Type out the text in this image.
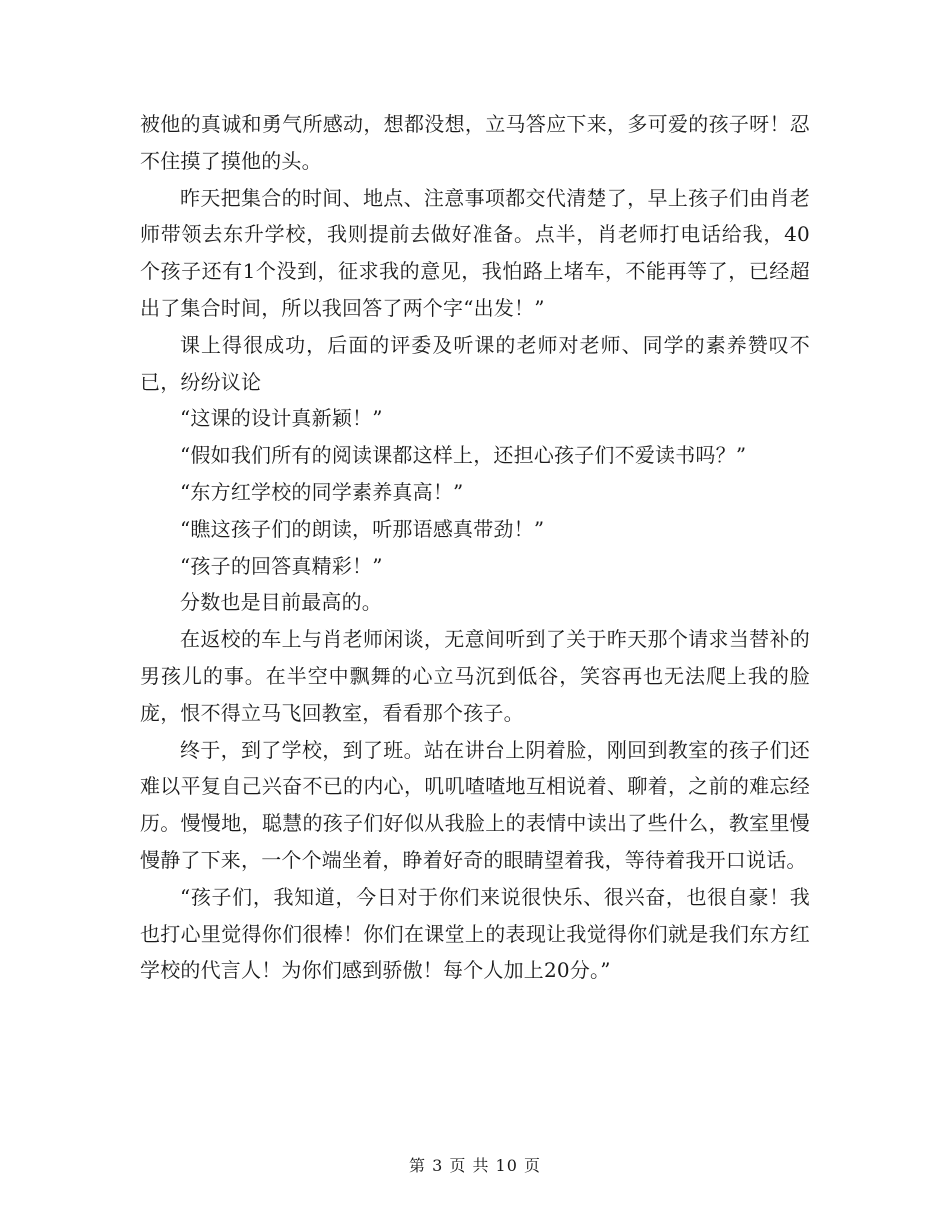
被他的真诚和勇气所感动，想都没想，立马答应下来，多可爱的孩子呀！忍不住摸了摸他的头。

昨天把集合的时间、地点、注意事项都交代清楚了，早上孩子们由肖老师带领去东升学校，我则提前去做好准备。点半，肖老师打电话给我，40个孩子还有1个没到，征求我的意见，我怕路上堵车，不能再等了，已经超出了集合时间，所以我回答了两个字“出发！”

课上得很成功，后面的评委及听课的老师对老师、同学的素养赞叹不已，纷纷议论

“这课的设计真新颖！”

“假如我们所有的阅读课都这样上，还担心孩子们不爱读书吗？”

“东方红学校的同学素养真高！”

“瞧这孩子们的朗读，听那语感真带劲！”

“孩子的回答真精彩！”

分数也是目前最高的。

在返校的车上与肖老师闲谈，无意间听到了关于昨天那个请求当替补的男孩儿的事。在半空中飘舞的心立马沉到低谷，笑容再也无法爬上我的脸庞，恨不得立马飞回教室，看看那个孩子。

终于，到了学校，到了班。站在讲台上阴着脸，刚回到教室的孩子们还难以平复自己兴奋不已的内心，叽叽喳喳地互相说着、聊着，之前的难忘经历。慢慢地，聪慧的孩子们好似从我脸上的表情中读出了些什么，教室里慢慢静了下来，一个个端坐着，睁着好奇的眼睛望着我，等待着我开口说话。

“孩子们，我知道，今日对于你们来说很快乐、很兴奋，也很自豪！我也打心里觉得你们很棒！你们在课堂上的表现让我觉得你们就是我们东方红学校的代言人！为你们感到骄傲！每个人加上20分。”

第 3 页 共 10 页
